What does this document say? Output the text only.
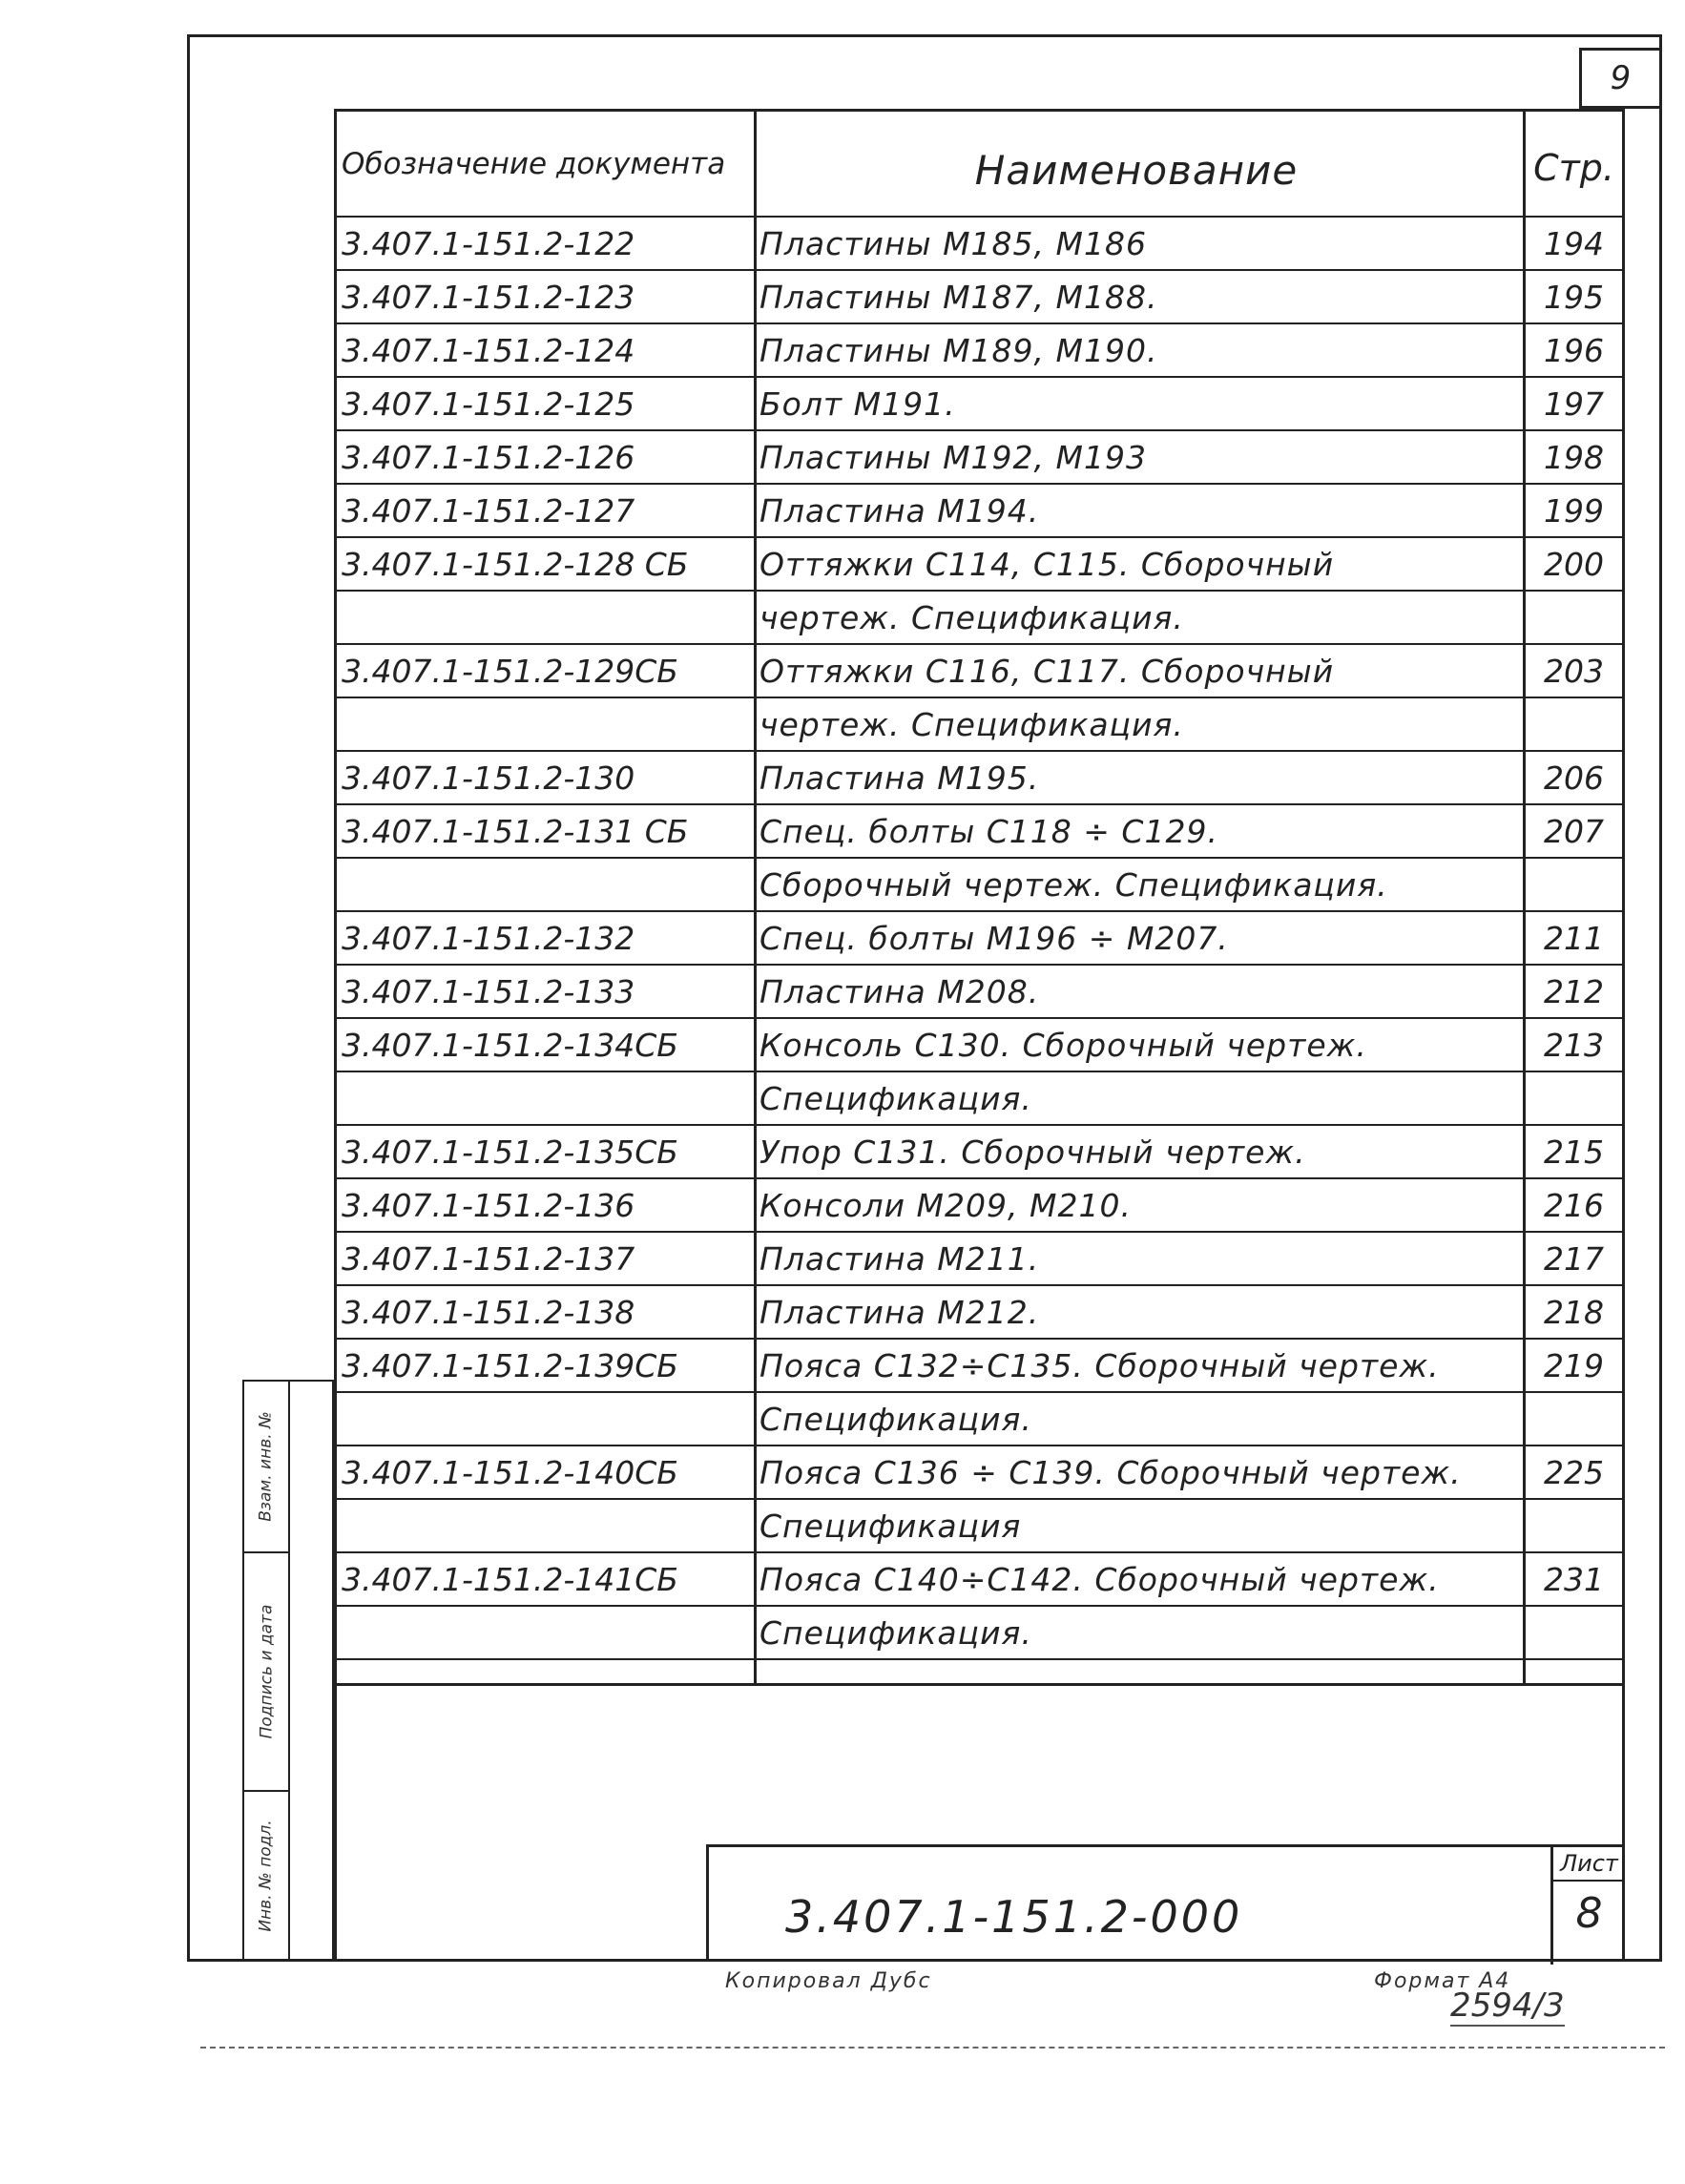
9
Обозначение документа	Наименование	Стр.
3.407.1-151.2-122	Пластины М185, М186	194
3.407.1-151.2-123	Пластины М187, М188.	195
3.407.1-151.2-124	Пластины М189, М190.	196
3.407.1-151.2-125	Болт М191.	197
3.407.1-151.2-126	Пластины М192, М193	198
3.407.1-151.2-127	Пластина М194.	199
3.407.1-151.2-128 СБ	Оттяжки С114, С115. Сборочный	200
чертеж. Спецификация.
3.407.1-151.2-129СБ	Оттяжки С116, С117. Сборочный	203
чертеж. Спецификация.
3.407.1-151.2-130	Пластина М195.	206
3.407.1-151.2-131 СБ	Спец. болты С118 ÷ С129.	207
Сборочный чертеж. Спецификация.
3.407.1-151.2-132	Спец. болты М196 ÷ М207.	211
3.407.1-151.2-133	Пластина М208.	212
3.407.1-151.2-134СБ	Консоль С130. Сборочный чертеж.	213
Спецификация.
3.407.1-151.2-135СБ	Упор С131. Сборочный чертеж.	215
3.407.1-151.2-136	Консоли М209, М210.	216
3.407.1-151.2-137	Пластина М211.	217
3.407.1-151.2-138	Пластина М212.	218
3.407.1-151.2-139СБ	Пояса С132÷С135. Сборочный чертеж.	219
Спецификация.
3.407.1-151.2-140СБ	Пояса С136 ÷ С139. Сборочный чертеж.	225
Спецификация
3.407.1-151.2-141СБ	Пояса С140÷С142. Сборочный чертеж.	231
Спецификация.
Взам. инв. №
Подпись и дата
Инв. № подл.	3.407.1-151.2-000
Лист
8
Копировал Дубс	Формат А4
2594/3
